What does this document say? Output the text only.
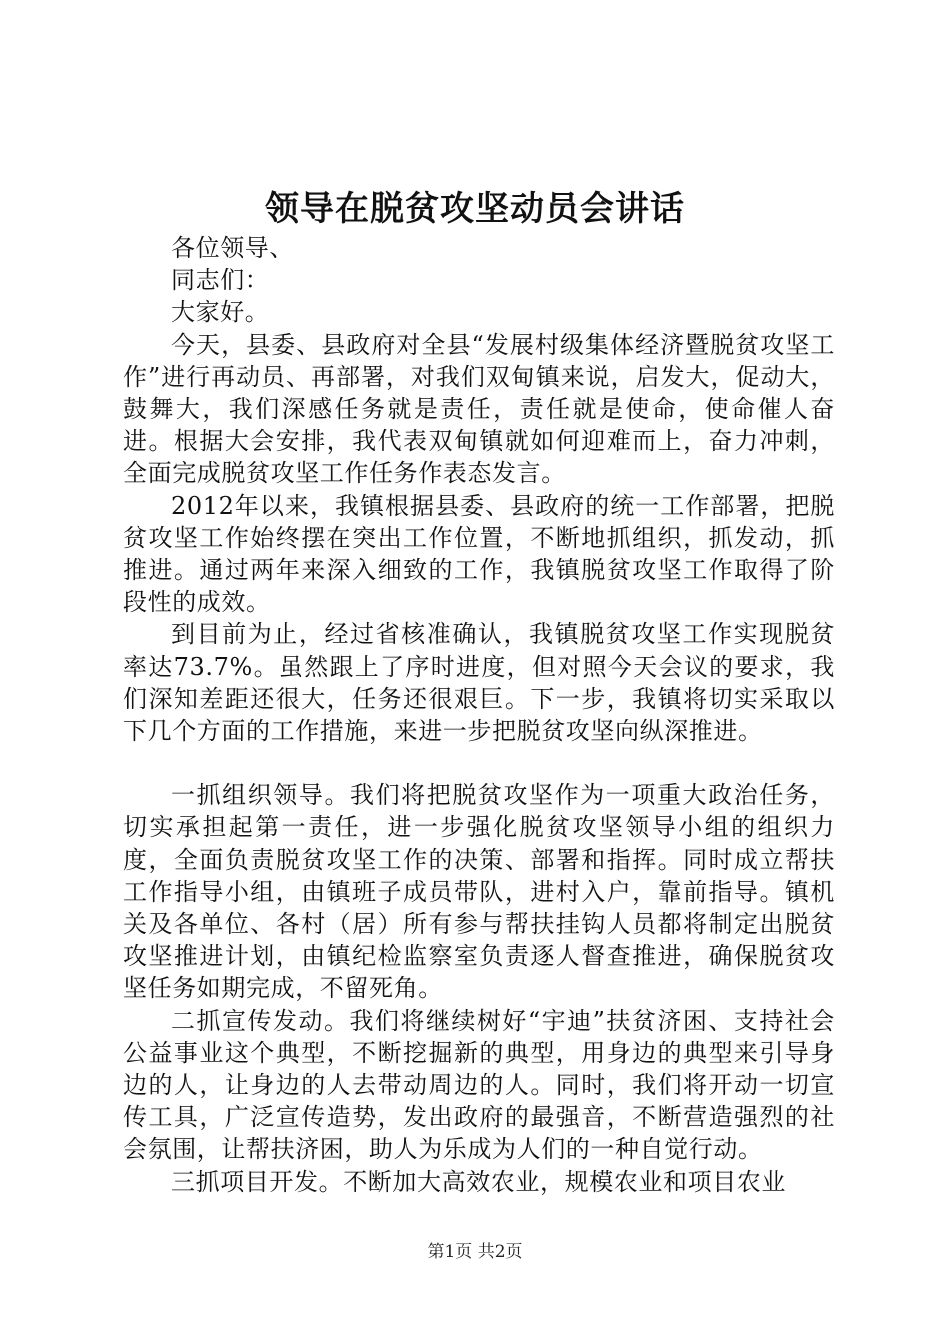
领导在脱贫攻坚动员会讲话

各位领导、

同志们：

大家好。

今天，县委、县政府对全县“发展村级集体经济暨脱贫攻坚工作”进行再动员、再部署，对我们双甸镇来说，启发大，促动大，鼓舞大，我们深感任务就是责任，责任就是使命，使命催人奋进。根据大会安排，我代表双甸镇就如何迎难而上，奋力冲刺，全面完成脱贫攻坚工作任务作表态发言。

2012年以来，我镇根据县委、县政府的统一工作部署，把脱贫攻坚工作始终摆在突出工作位置，不断地抓组织，抓发动，抓推进。通过两年来深入细致的工作，我镇脱贫攻坚工作取得了阶段性的成效。

到目前为止，经过省核准确认，我镇脱贫攻坚工作实现脱贫率达73.7%。虽然跟上了序时进度，但对照今天会议的要求，我们深知差距还很大，任务还很艰巨。下一步，我镇将切实采取以下几个方面的工作措施，来进一步把脱贫攻坚向纵深推进。

一抓组织领导。我们将把脱贫攻坚作为一项重大政治任务，切实承担起第一责任，进一步强化脱贫攻坚领导小组的组织力度，全面负责脱贫攻坚工作的决策、部署和指挥。同时成立帮扶工作指导小组，由镇班子成员带队，进村入户，靠前指导。镇机关及各单位、各村（居）所有参与帮扶挂钩人员都将制定出脱贫攻坚推进计划，由镇纪检监察室负责逐人督查推进，确保脱贫攻坚任务如期完成，不留死角。

二抓宣传发动。我们将继续树好“宇迪”扶贫济困、支持社会公益事业这个典型，不断挖掘新的典型，用身边的典型来引导身边的人，让身边的人去带动周边的人。同时，我们将开动一切宣传工具，广泛宣传造势，发出政府的最强音，不断营造强烈的社会氛围，让帮扶济困，助人为乐成为人们的一种自觉行动。

三抓项目开发。不断加大高效农业，规模农业和项目农业

第1页 共2页
